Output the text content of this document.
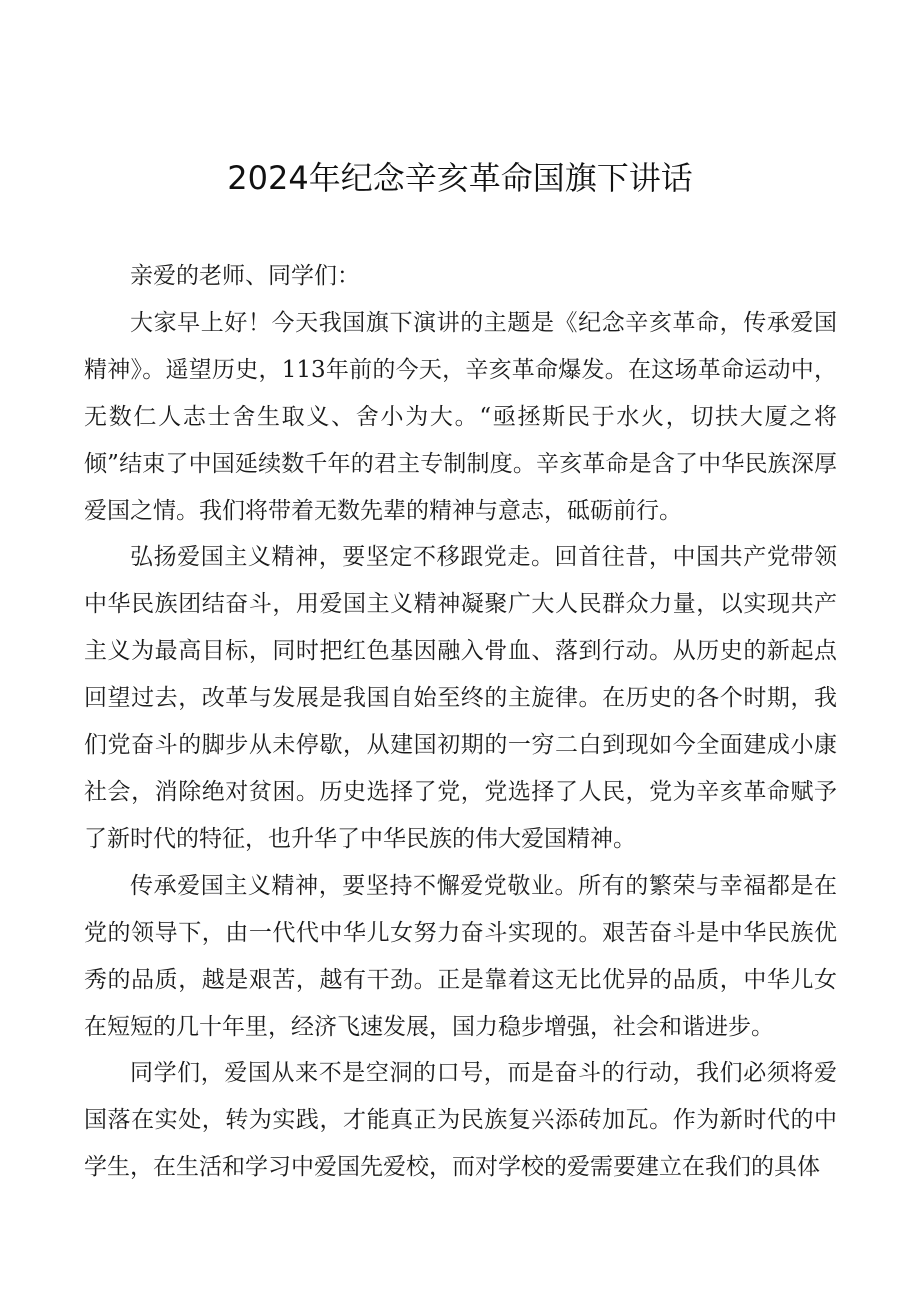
2024年纪念辛亥革命国旗下讲话

亲爱的老师、同学们：

大家早上好！今天我国旗下演讲的主题是《纪念辛亥革命，传承爱国精神》。遥望历史，113年前的今天，辛亥革命爆发。在这场革命运动中，无数仁人志士舍生取义、舍小为大。“亟拯斯民于水火，切扶大厦之将倾”结束了中国延续数千年的君主专制制度。辛亥革命是含了中华民族深厚爱国之情。我们将带着无数先辈的精神与意志，砥砺前行。

弘扬爱国主义精神，要坚定不移跟党走。回首往昔，中国共产党带领中华民族团结奋斗，用爱国主义精神凝聚广大人民群众力量，以实现共产主义为最高目标，同时把红色基因融入骨血、落到行动。从历史的新起点回望过去，改革与发展是我国自始至终的主旋律。在历史的各个时期，我们党奋斗的脚步从未停歇，从建国初期的一穷二白到现如今全面建成小康社会，消除绝对贫困。历史选择了党，党选择了人民，党为辛亥革命赋予了新时代的特征，也升华了中华民族的伟大爱国精神。

传承爱国主义精神，要坚持不懈爱党敬业。所有的繁荣与幸福都是在党的领导下，由一代代中华儿女努力奋斗实现的。艰苦奋斗是中华民族优秀的品质，越是艰苦，越有干劲。正是靠着这无比优异的品质，中华儿女在短短的几十年里，经济飞速发展，国力稳步增强，社会和谐进步。

同学们，爱国从来不是空洞的口号，而是奋斗的行动，我们必须将爱国落在实处，转为实践，才能真正为民族复兴添砖加瓦。作为新时代的中学生，在生活和学习中爱国先爱校，而对学校的爱需要建立在我们的具体
